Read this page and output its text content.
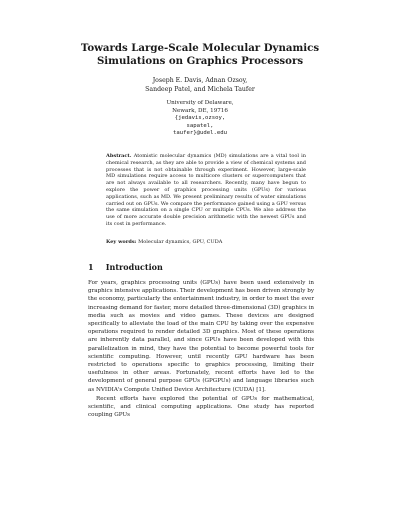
Towards Large-Scale Molecular Dynamics Simulations on Graphics Processors
Joseph E. Davis, Adnan Ozsoy,
Sandeep Patel, and Michela Taufer
University of Delaware,
Newark, DE, 19716
{jedavis,ozsoy,
sapatel,
taufer}@udel.edu
Abstract. Atomistic molecular dynamics (MD) simulations are a vital tool in chemical research, as they are able to provide a view of chemical systems and processes that is not obtainable through experiment. However, large-scale MD simulations require access to multicore clusters or supercomputers that are not always available to all researchers. Recently, many have begun to explore the power of graphics processing units (GPUs) for various applications, such as MD. We present preliminary results of water simulations carried out on GPUs. We compare the performance gained using a GPU versus the same simulation on a single CPU or multiple CPUs. We also address the use of more accurate double precision arithmetic with the newest GPUs and its cost in performance.
Key words: Molecular dynamics, GPU, CUDA
1 Introduction

For years, graphics processing units (GPUs) have been used extensively in graphics intensive applications. Their development has been driven strongly by the economy, particularly the entertainment industry, in order to meet the ever increasing demand for faster, more detailed three-dimensional (3D) graphics in media such as movies and video games. These devices are designed specifically to alleviate the load of the main CPU by taking over the expensive operations required to render detailed 3D graphics. Most of these operations are inherently data parallel, and since GPUs have been developed with this parallelization in mind, they have the potential to become powerful tools for scientific computing. However, until recently GPU hardware has been restricted to operations specific to graphics processing, limiting their usefulness in other areas. Fortunately, recent efforts have led to the development of general purpose GPUs (GPGPUs) and language libraries such as NVIDIA's Compute Unified Device Architecture (CUDA) [1].

Recent efforts have explored the potential of GPUs for mathematical, scientific, and clinical computing applications. One study has reported coupling GPUs
